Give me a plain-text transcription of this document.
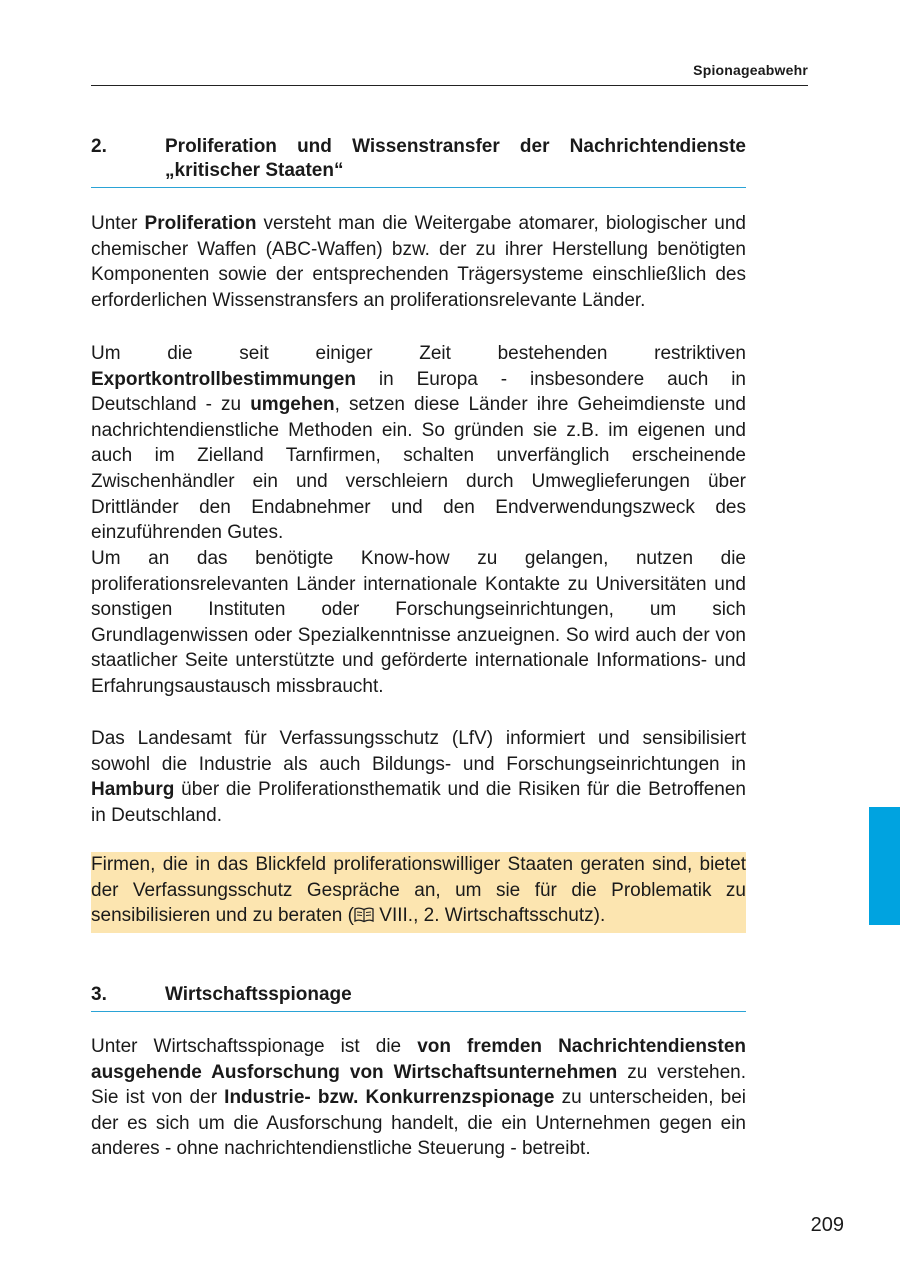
Spionageabwehr
2.	Proliferation und Wissenstransfer der Nachrichtendienste „kritischer Staaten“

Unter Proliferation versteht man die Weitergabe atomarer, biologischer und chemischer Waffen (ABC-Waffen) bzw. der zu ihrer Herstellung benötigten Komponenten sowie der entsprechenden Trägersysteme einschließlich des erforderlichen Wissenstransfers an proliferationsrelevante Länder.

Um die seit einiger Zeit bestehenden restriktiven Exportkontrollbestimmungen in Europa - insbesondere auch in Deutschland - zu umgehen, setzen diese Länder ihre Geheimdienste und nachrichtendienstliche Methoden ein. So gründen sie z.B. im eigenen und auch im Zielland Tarnfirmen, schalten unverfänglich erscheinende Zwischenhändler ein und verschleiern durch Umweglieferungen über Drittländer den Endabnehmer und den Endverwendungszweck des einzuführenden Gutes.

Um an das benötigte Know-how zu gelangen, nutzen die proliferationsrelevanten Länder internationale Kontakte zu Universitäten und sonstigen Instituten oder Forschungseinrichtungen, um sich Grundlagenwissen oder Spezialkenntnisse anzueignen. So wird auch der von staatlicher Seite unterstützte und geförderte internationale Informations- und Erfahrungsaustausch missbraucht.

Das Landesamt für Verfassungsschutz (LfV) informiert und sensibilisiert sowohl die Industrie als auch Bildungs- und Forschungseinrichtungen in Hamburg über die Proliferationsthematik und die Risiken für die Betroffenen in Deutschland.

Firmen, die in das Blickfeld proliferationswilliger Staaten geraten sind, bietet der Verfassungsschutz Gespräche an, um sie für die Problematik zu sensibilisieren und zu beraten ( VIII., 2. Wirtschaftsschutz).

3.	Wirtschaftsspionage

Unter Wirtschaftsspionage ist die von fremden Nachrichtendiensten ausgehende Ausforschung von Wirtschaftsunternehmen zu verstehen. Sie ist von der Industrie- bzw. Konkurrenzspionage zu unterscheiden, bei der es sich um die Ausforschung handelt, die ein Unternehmen gegen ein anderes - ohne nachrichtendienstliche Steuerung - betreibt.

209
